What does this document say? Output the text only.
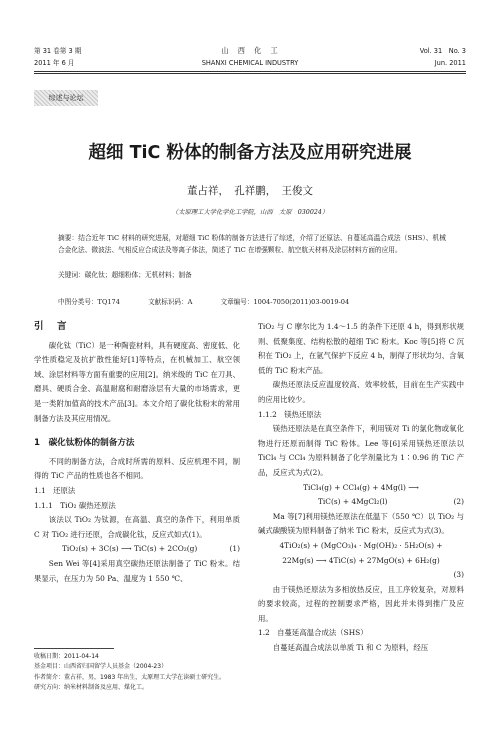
第 31 卷第 3 期
2011 年 6 月
山　西　化　工
SHANXI CHEMICAL INDUSTRY
Vol. 31　No. 3
Jun. 2011
综述与论坛
超细 TiC 粉体的制备方法及应用研究进展
董占祥，　孔祥鹏，　王俊文
（太原理工大学化学化工学院，山西　太原　030024）
摘要：结合近年 TiC 材料的研究进展，对超细 TiC 粉体的制备方法进行了综述，介绍了还原法、自蔓延高温合成法（SHS）、机械合金化法、微波法、气相反应合成法及等离子体法，简述了 TiC 在增强颗粒、航空航天材料及涂层材料方面的应用。
关键词：碳化钛；超细粉体；无机材料；制备
中图分类号：TQ174	文献标识码：A	文章编号：1004-7050(2011)03-0019-04

引　言

碳化钛（TiC）是一种陶瓷材料，具有硬度高、密度低、化学性质稳定及抗扩散性能好[1]等特点，在机械加工、航空领域、涂层材料等方面有重要的应用[2]。纳米级的 TiC 在刀具、磨具、硬质合金、高温耐腐和耐磨涂层有大量的市场需求，更是一类附加值高的技术产品[3]。本文介绍了碳化钛粉末的常用制备方法及其应用情况。

1　碳化钛粉体的制备方法

不同的制备方法，合成时所需的原料、反应机理不同，制得的 TiC 产品的性质也各不相同。

1.1　还原法

1.1.1　TiO₂ 碳热还原法

该法以 TiO₂ 为钛源，在高温、真空的条件下，利用单质 C 对 TiO₂ 进行还原，合成碳化钛，反应式如式(1)。

TiO₂(s) + 3C(s) ⟶ TiC(s) + 2CO₂(g)	(1)

Sen Wei 等[4]采用真空碳热还原法制备了 TiC 粉末。结果显示，在压力为 50 Pa、温度为 1 550 ℃、

收稿日期：2011-04-14
基金项目：山西省归国留学人员基金（2004-23）
作者简介：董占祥，男，1983 年出生，太原理工大学在读硕士研究生。
研究方向：纳米材料制备及应用、煤化工。

TiO₂ 与 C 摩尔比为 1.4～1.5 的条件下还原 4 h，得到形状规则、低聚集度、结构松散的超细 TiC 粉末。Koc 等[5]将 C 沉积在 TiO₂ 上，在氩气保护下反应 4 h，制得了形状均匀、含氧低的 TiC 粉末产品。

碳热还原法反应温度较高、效率较低，目前在生产实践中的应用比较少。

1.1.2　镁热还原法

镁热还原法是在真空条件下，利用镁对 Ti 的氯化物或氧化物进行还原而制得 TiC 粉体。Lee 等[6]采用镁热还原法以 TiCl₄ 与 CCl₄ 为原料制备了化学剂量比为 1∶0.96 的 TiC 产品，反应式为式(2)。

TiCl₄(g) + CCl₄(g) + 4Mg(l) ⟶

TiC(s) + 4MgCl₂(l)	(2)

Ma 等[7]利用镁热还原法在低温下（550 ℃）以 TiO₂ 与碱式碳酸镁为原料制备了纳米 TiC 粉末，反应式为式(3)。

4TiO₂(s) + (MgCO₃)₄ · Mg(OH)₂ · 5H₂O(s) +

22Mg(s) ⟶ 4TiC(s) + 27MgO(s) + 6H₂(g)

(3)

由于镁热还原法为多相放热反应，且工序较复杂，对原料的要求较高，过程的控制要求严格，因此并未得到推广及应用。

1.2　自蔓延高温合成法（SHS）

自蔓延高温合成法以单质 Ti 和 C 为原料，经压
